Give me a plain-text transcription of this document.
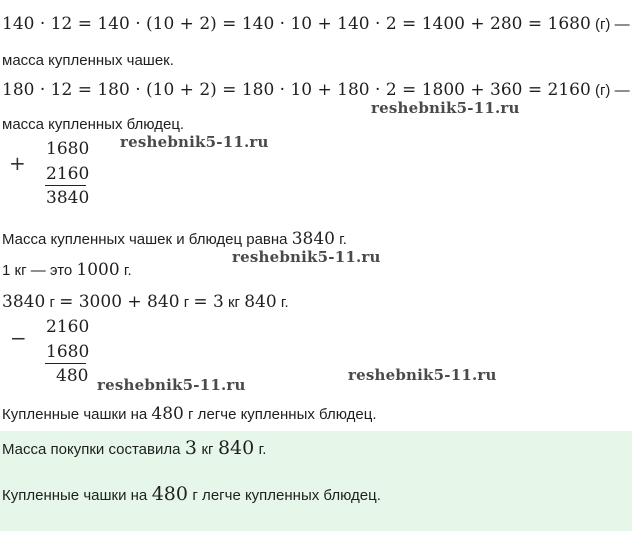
140 · 12 = 140 · (10 + 2) = 140 · 10 + 140 · 2 = 1400 + 280 = 1680 (г) —
масса купленных чашек.
180 · 12 = 180 · (10 + 2) = 180 · 10 + 180 · 2 = 1800 + 360 = 2160 (г) —
масса купленных блюдец.
+
1680
2160
3840
Масса купленных чашек и блюдец равна 3840 г.
1 кг — это 1000 г.
3840 г = 3000 + 840 г = 3 кг 840 г.
− 2160
1680
480
Купленные чашки на 480 г легче купленных блюдец.
Масса покупки составила 3 кг 840 г.
Купленные чашки на 480 г легче купленных блюдец.
reshebnik5-11.ru
reshebnik5-11.ru
reshebnik5-11.ru
reshebnik5-11.ru
reshebnik5-11.ru
